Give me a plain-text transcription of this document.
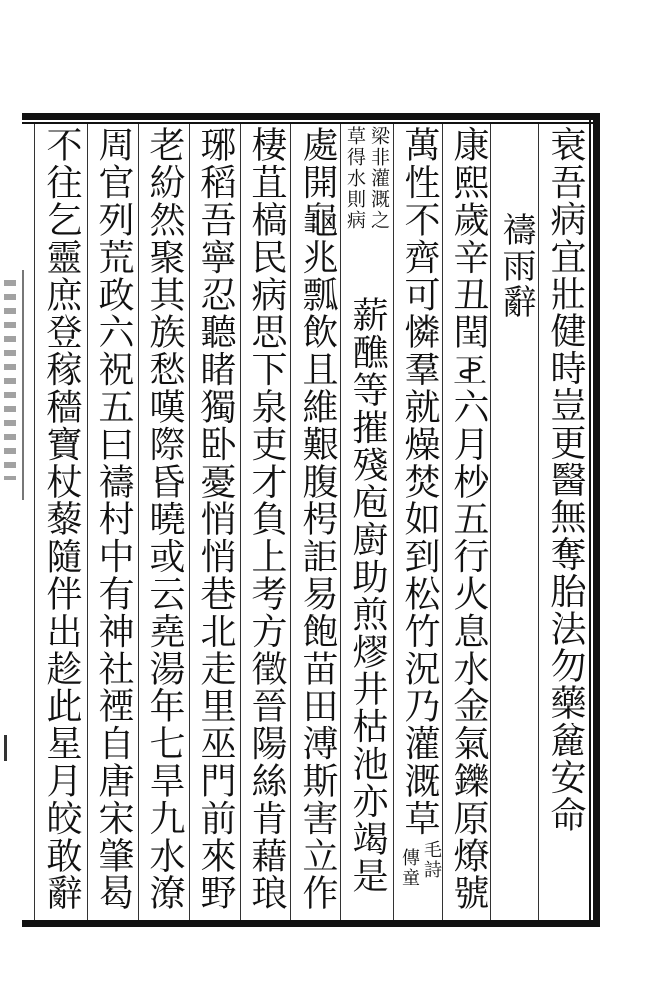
衰吾病宜壯健時豈更醫無奪胎法勿藥麄安命
禱雨辭
康熙歲辛丑閏𢀓六月杪五行火息水金氣鑠原燎號
萬性不齊可憐羣就燥焚如到松竹況乃灌溉草
毛詩
傳童
梁非灌溉之
草得水則病
薪醮等摧殘庖廚助煎熮井枯池亦竭是
處開龜兆瓢飲且維艱腹枵詎易飽苗田溥斯害立作
棲苴槁民病思下泉吏才負上考方徵晉陽絲肯藉琅
琊稻吾寧忍聽睹獨卧憂悄悄巷北走里巫門前來野
老紛然聚其族愁嘆際昏曉或云堯湯年七旱九水潦
周官列荒政六祝五曰禱村中有神社禋自唐宋肇曷
不往乞靈庶登稼穡寶杖藜隨伴出趁此星月皎敢辭
